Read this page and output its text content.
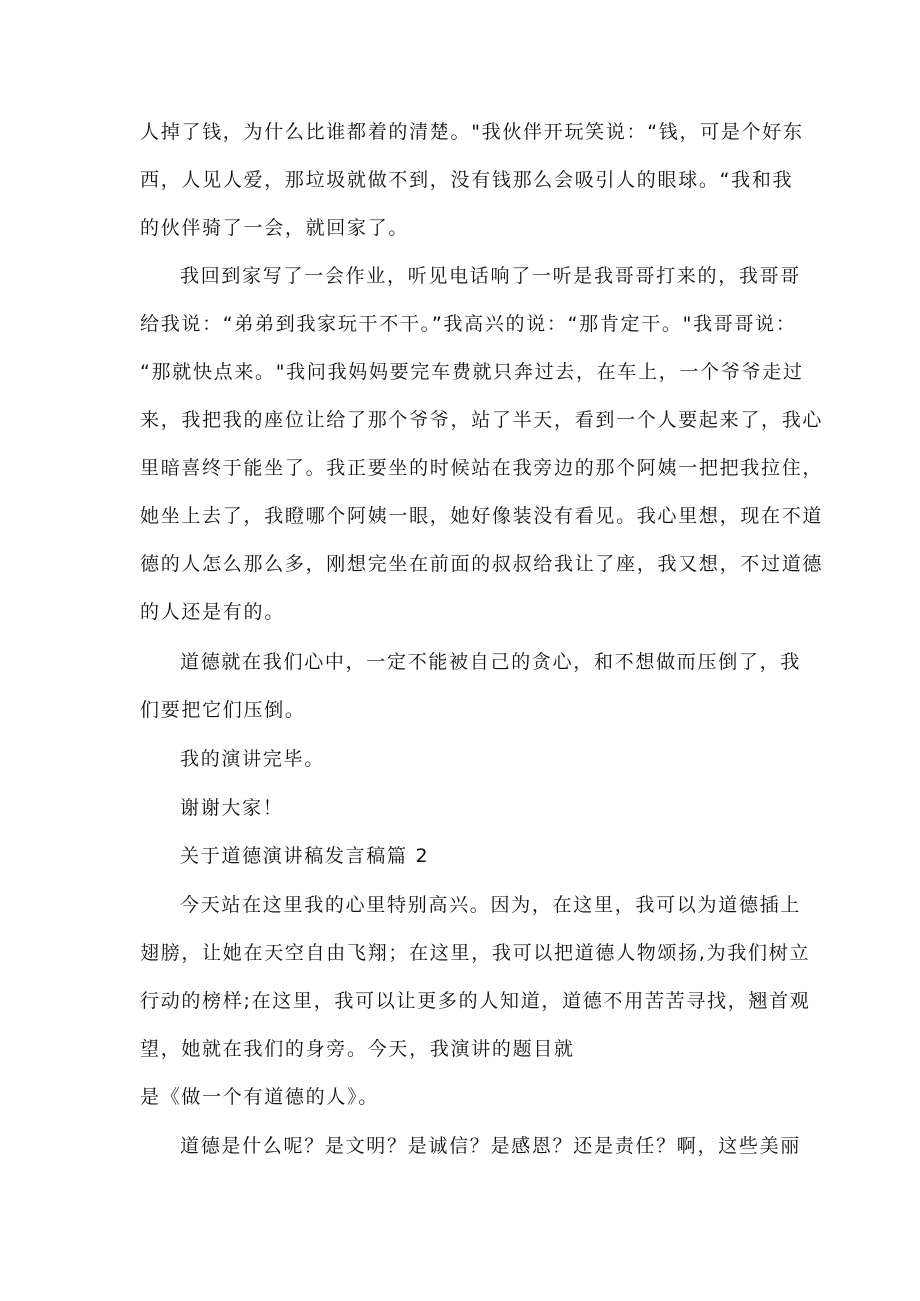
人掉了钱，为什么比谁都着的清楚。"我伙伴开玩笑说：“钱，可是个好东
西，人见人爱，那垃圾就做不到，没有钱那么会吸引人的眼球。“我和我
的伙伴骑了一会，就回家了。
我回到家写了一会作业，听见电话响了一听是我哥哥打来的，我哥哥
给我说：“弟弟到我家玩干不干。”我高兴的说：“那肯定干。"我哥哥说：
“那就快点来。"我问我妈妈要完车费就只奔过去，在车上，一个爷爷走过
来，我把我的座位让给了那个爷爷，站了半天，看到一个人要起来了，我心
里暗喜终于能坐了。我正要坐的时候站在我旁边的那个阿姨一把把我拉住，
她坐上去了，我瞪哪个阿姨一眼，她好像装没有看见。我心里想，现在不道
德的人怎么那么多，刚想完坐在前面的叔叔给我让了座，我又想，不过道德
的人还是有的。
道德就在我们心中，一定不能被自己的贪心，和不想做而压倒了，我
们要把它们压倒。
我的演讲完毕。
谢谢大家！
关于道德演讲稿发言稿篇 2
今天站在这里我的心里特别高兴。因为，在这里，我可以为道德插上
翅膀，让她在天空自由飞翔；在这里，我可以把道德人物颂扬,为我们树立
行动的榜样;在这里，我可以让更多的人知道，道德不用苦苦寻找，翘首观
望，她就在我们的身旁。今天，我演讲的题目就
是《做一个有道德的人》。
道德是什么呢？是文明？是诚信？是感恩？还是责任？啊，这些美丽
